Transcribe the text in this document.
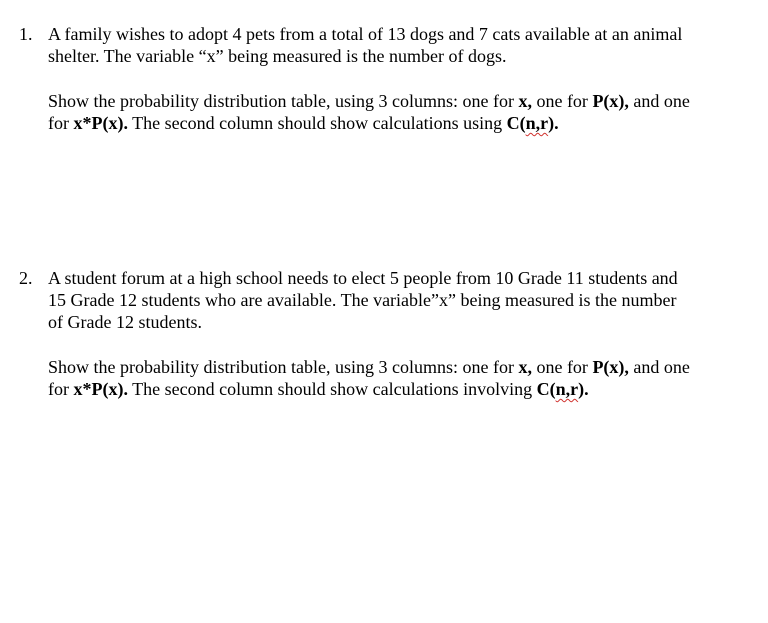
1. A family wishes to adopt 4 pets from a total of 13 dogs and 7 cats available at an animal
shelter. The variable “x” being measured is the number of dogs.
Show the probability distribution table, using 3 columns: one for x, one for P(x), and one
for x*P(x). The second column should show calculations using C(n,r).
2. A student forum at a high school needs to elect 5 people from 10 Grade 11 students and
15 Grade 12 students who are available. The variable”x” being measured is the number
of Grade 12 students.
Show the probability distribution table, using 3 columns: one for x, one for P(x), and one
for x*P(x). The second column should show calculations involving C(n,r).
